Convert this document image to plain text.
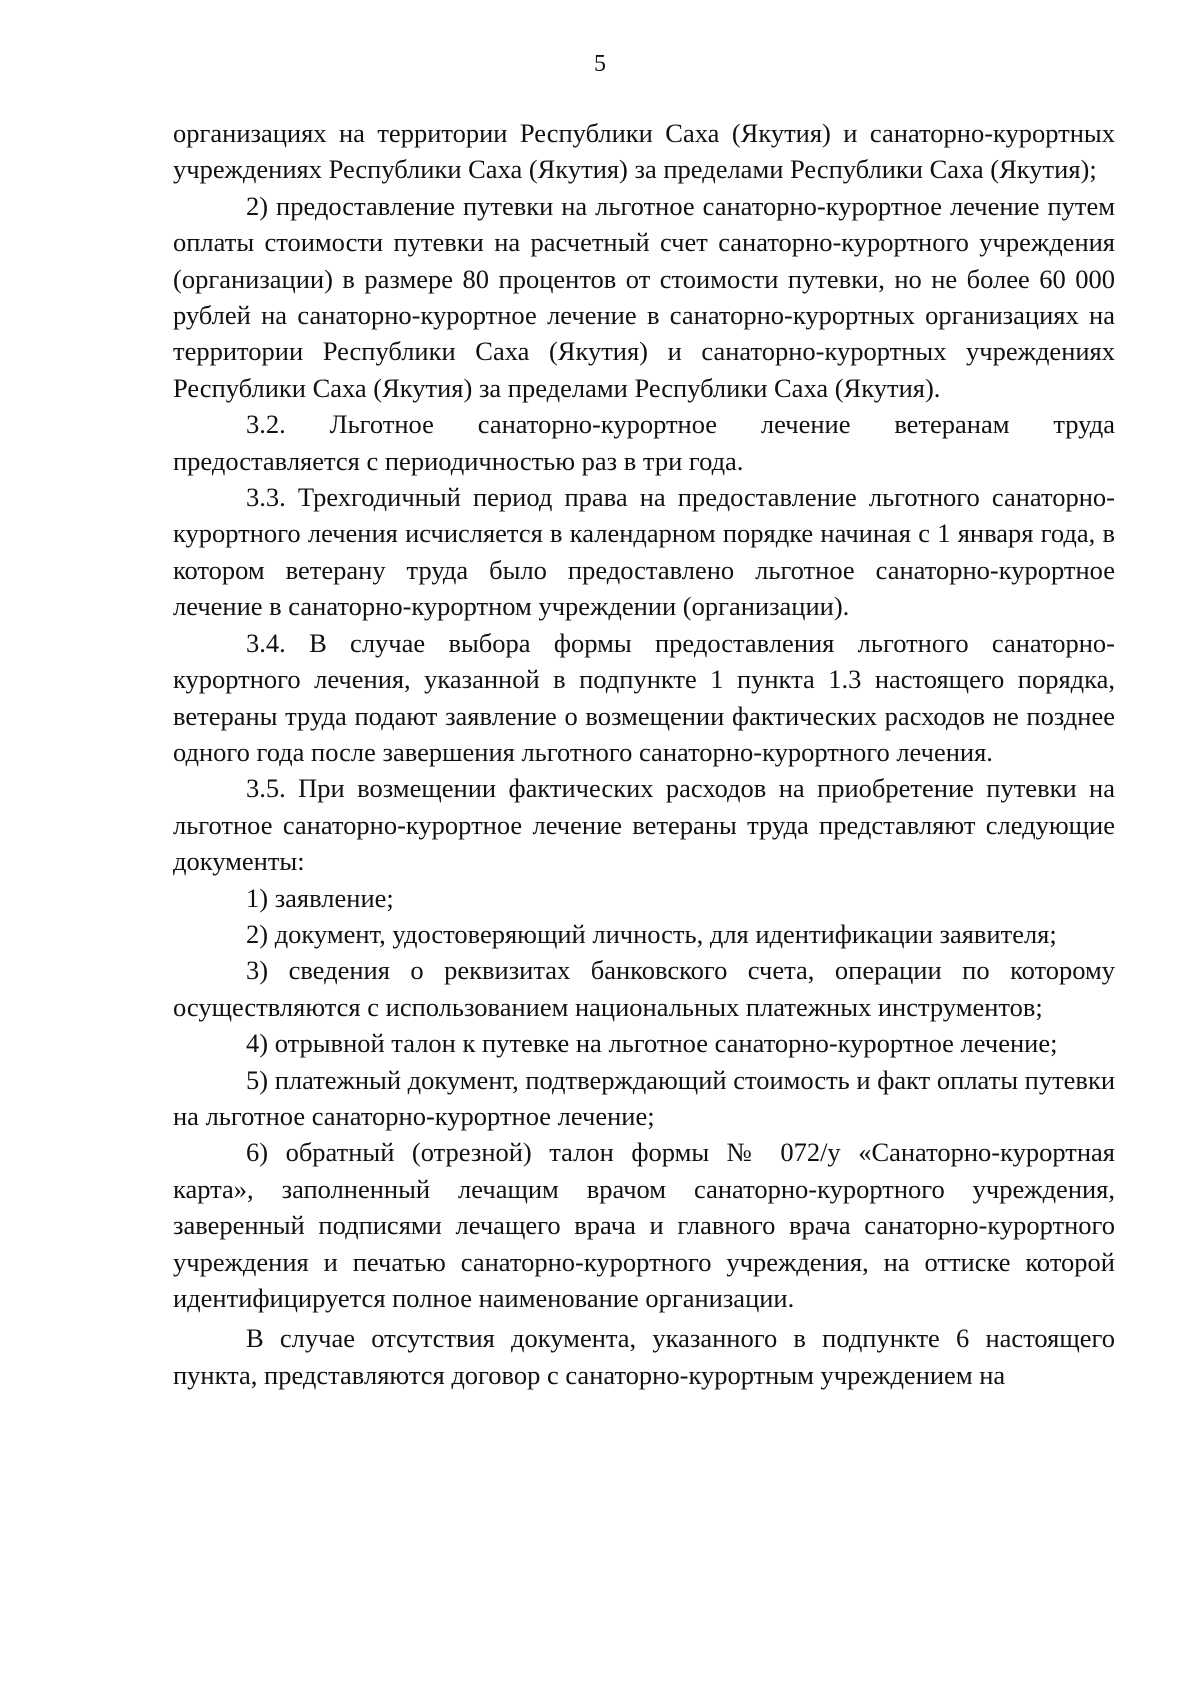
5

организациях на территории Республики Саха (Якутия) и санаторно-курортных учреждениях Республики Саха (Якутия) за пределами Республики Саха (Якутия);

2) предоставление путевки на льготное санаторно-курортное лечение путем оплаты стоимости путевки на расчетный счет санаторно-курортного учреждения (организации) в размере 80 процентов от стоимости путевки, но не более 60 000 рублей на санаторно-курортное лечение в санаторно-курортных организациях на территории Республики Саха (Якутия) и санаторно-курортных учреждениях Республики Саха (Якутия) за пределами Республики Саха (Якутия).

3.2. Льготное санаторно-курортное лечение ветеранам труда предоставляется с периодичностью раз в три года.

3.3. Трехгодичный период права на предоставление льготного санаторно-курортного лечения исчисляется в календарном порядке начиная с 1 января года, в котором ветерану труда было предоставлено льготное санаторно-курортное лечение в санаторно-курортном учреждении (организации).

3.4. В случае выбора формы предоставления льготного санаторно-курортного лечения, указанной в подпункте 1 пункта 1.3 настоящего порядка, ветераны труда подают заявление о возмещении фактических расходов не позднее одного года после завершения льготного санаторно-курортного лечения.

3.5. При возмещении фактических расходов на приобретение путевки на льготное санаторно-курортное лечение ветераны труда представляют следующие документы:

1) заявление;

2) документ, удостоверяющий личность, для идентификации заявителя;

3) сведения о реквизитах банковского счета, операции по которому осуществляются с использованием национальных платежных инструментов;

4) отрывной талон к путевке на льготное санаторно-курортное лечение;

5) платежный документ, подтверждающий стоимость и факт оплаты путевки на льготное санаторно-курортное лечение;

6) обратный (отрезной) талон формы № 072/у «Санаторно-курортная карта», заполненный лечащим врачом санаторно-курортного учреждения, заверенный подписями лечащего врача и главного врача санаторно-курортного учреждения и печатью санаторно-курортного учреждения, на оттиске которой идентифицируется полное наименование организации.

В случае отсутствия документа, указанного в подпункте 6 настоящего пункта, представляются договор с санаторно-курортным учреждением на
